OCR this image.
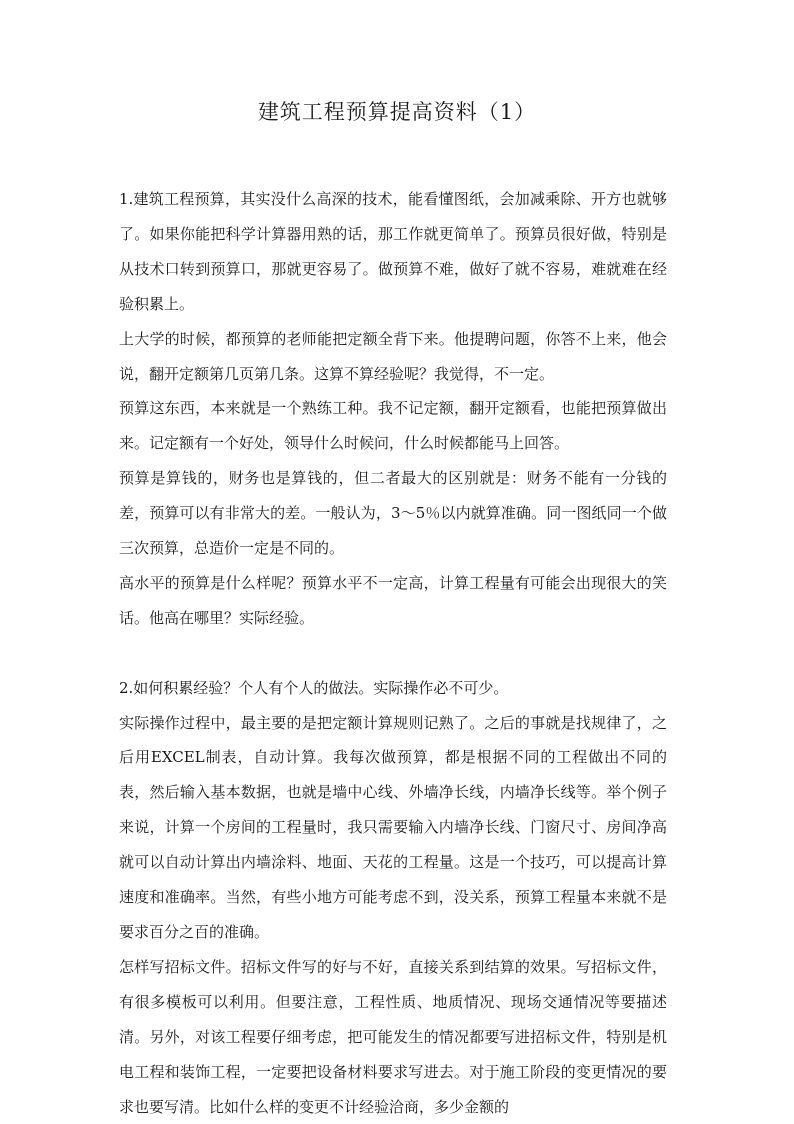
建筑工程预算提高资料（1）

1.建筑工程预算，其实没什么高深的技术，能看懂图纸，会加减乘除、开方也就够了。如果你能把科学计算器用熟的话，那工作就更简单了。预算员很好做，特别是从技术口转到预算口，那就更容易了。做预算不难，做好了就不容易，难就难在经验积累上。

上大学的时候，都预算的老师能把定额全背下来。他提聘问题，你答不上来，他会说，翻开定额第几页第几条。这算不算经验呢？我觉得，不一定。

预算这东西，本来就是一个熟练工种。我不记定额，翻开定额看，也能把预算做出来。记定额有一个好处，领导什么时候问，什么时候都能马上回答。

预算是算钱的，财务也是算钱的，但二者最大的区别就是：财务不能有一分钱的差，预算可以有非常大的差。一般认为，3～5％以内就算准确。同一图纸同一个做三次预算，总造价一定是不同的。

高水平的预算是什么样呢？预算水平不一定高，计算工程量有可能会出现很大的笑话。他高在哪里？实际经验。

2.如何积累经验？个人有个人的做法。实际操作必不可少。

实际操作过程中，最主要的是把定额计算规则记熟了。之后的事就是找规律了，之后用EXCEL制表，自动计算。我每次做预算，都是根据不同的工程做出不同的表，然后输入基本数据，也就是墙中心线、外墙净长线，内墙净长线等。举个例子来说，计算一个房间的工程量时，我只需要输入内墙净长线、门窗尺寸、房间净高就可以自动计算出内墙涂料、地面、天花的工程量。这是一个技巧，可以提高计算速度和准确率。当然，有些小地方可能考虑不到，没关系，预算工程量本来就不是要求百分之百的准确。

怎样写招标文件。招标文件写的好与不好，直接关系到结算的效果。写招标文件，有很多模板可以利用。但要注意，工程性质、地质情况、现场交通情况等要描述清。另外，对该工程要仔细考虑，把可能发生的情况都要写进招标文件，特别是机电工程和装饰工程，一定要把设备材料要求写进去。对于施工阶段的变更情况的要求也要写清。比如什么样的变更不计经验洽商，多少金额的
